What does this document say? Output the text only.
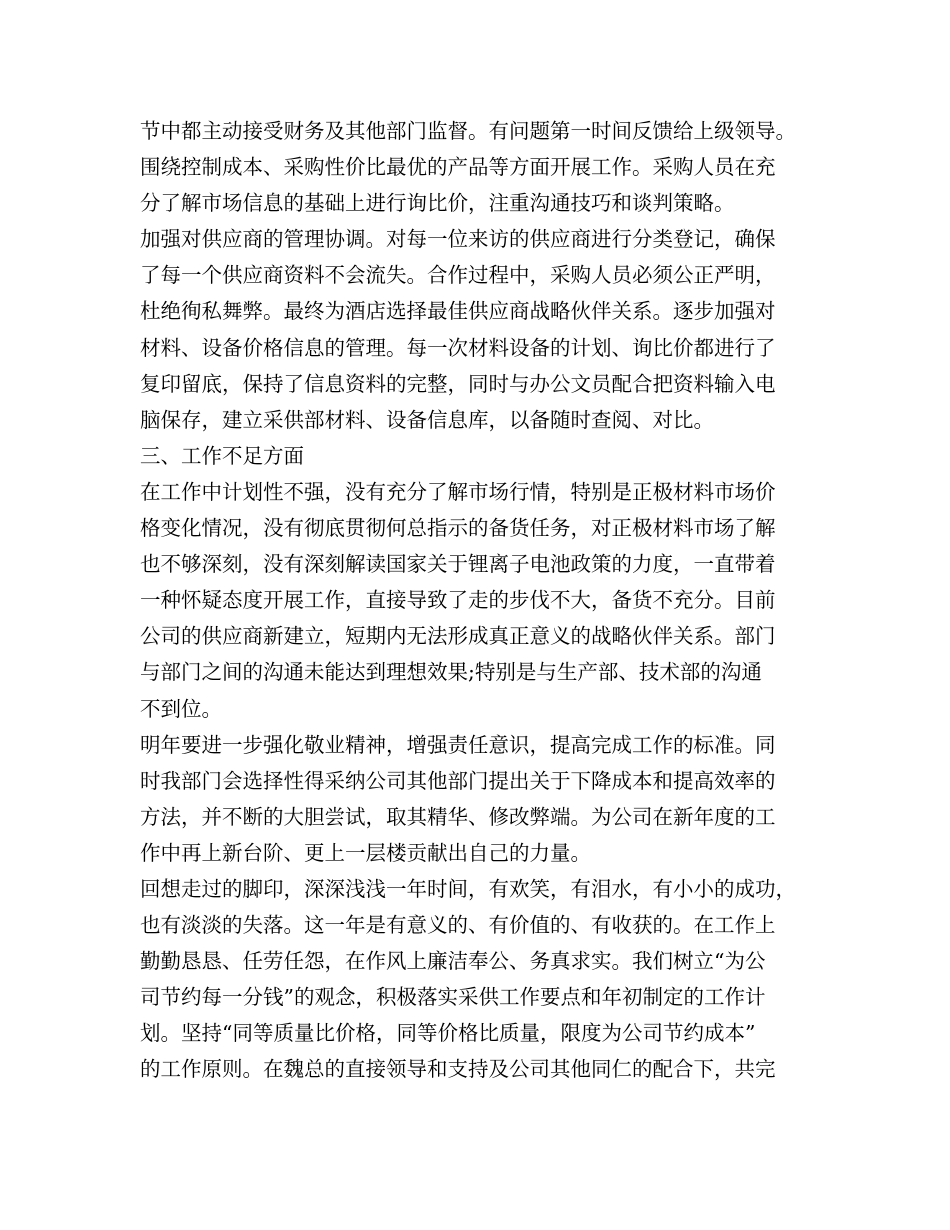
节中都主动接受财务及其他部门监督。有问题第一时间反馈给上级领导。
围绕控制成本、采购性价比最优的产品等方面开展工作。采购人员在充
分了解市场信息的基础上进行询比价，注重沟通技巧和谈判策略。
加强对供应商的管理协调。对每一位来访的供应商进行分类登记，确保
了每一个供应商资料不会流失。合作过程中，采购人员必须公正严明，
杜绝徇私舞弊。最终为酒店选择最佳供应商战略伙伴关系。逐步加强对
材料、设备价格信息的管理。每一次材料设备的计划、询比价都进行了
复印留底，保持了信息资料的完整，同时与办公文员配合把资料输入电
脑保存，建立采供部材料、设备信息库，以备随时查阅、对比。
三、工作不足方面
在工作中计划性不强，没有充分了解市场行情，特别是正极材料市场价
格变化情况，没有彻底贯彻何总指示的备货任务，对正极材料市场了解
也不够深刻，没有深刻解读国家关于锂离子电池政策的力度，一直带着
一种怀疑态度开展工作，直接导致了走的步伐不大，备货不充分。目前
公司的供应商新建立，短期内无法形成真正意义的战略伙伴关系。部门
与部门之间的沟通未能达到理想效果;特别是与生产部、技术部的沟通
不到位。
明年要进一步强化敬业精神，增强责任意识，提高完成工作的标准。同
时我部门会选择性得采纳公司其他部门提出关于下降成本和提高效率的
方法，并不断的大胆尝试，取其精华、修改弊端。为公司在新年度的工
作中再上新台阶、更上一层楼贡献出自己的力量。
回想走过的脚印，深深浅浅一年时间，有欢笑，有泪水，有小小的成功，
也有淡淡的失落。这一年是有意义的、有价值的、有收获的。在工作上
勤勤恳恳、任劳任怨，在作风上廉洁奉公、务真求实。我们树立“为公
司节约每一分钱”的观念，积极落实采供工作要点和年初制定的工作计
划。坚持“同等质量比价格，同等价格比质量，限度为公司节约成本”
的工作原则。在魏总的直接领导和支持及公司其他同仁的配合下，共完
